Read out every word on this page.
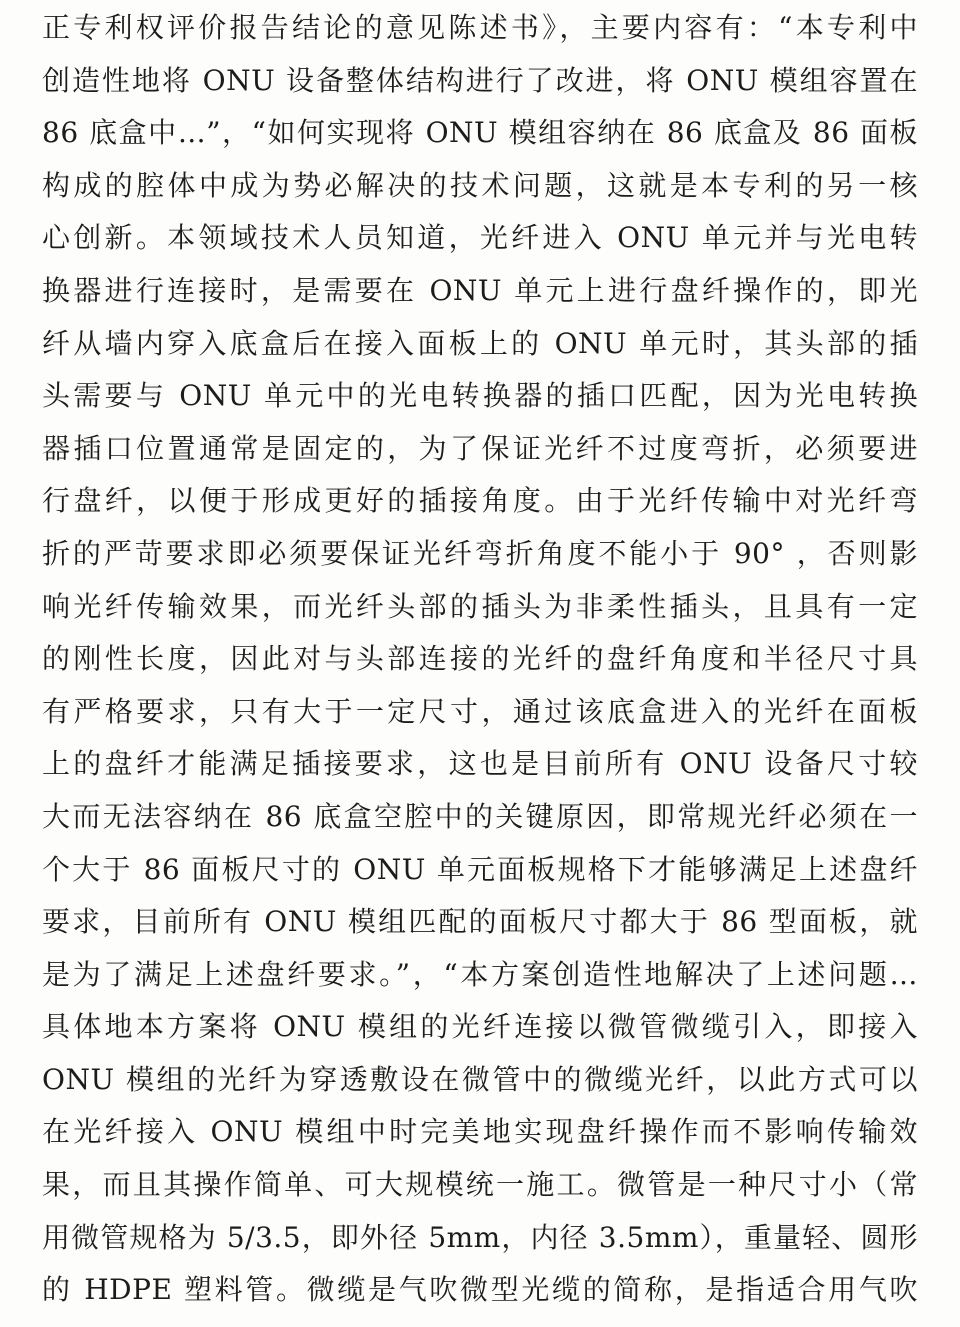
正专利权评价报告结论的意见陈述书》，主要内容有：“本专利中
创造性地将 ONU 设备整体结构进行了改进，将 ONU 模组容置在
86 底盒中…”，“如何实现将 ONU 模组容纳在 86 底盒及 86 面板
构成的腔体中成为势必解决的技术问题，这就是本专利的另一核
心创新。本领域技术人员知道，光纤进入 ONU 单元并与光电转
换器进行连接时，是需要在 ONU 单元上进行盘纤操作的，即光
纤从墙内穿入底盒后在接入面板上的 ONU 单元时，其头部的插
头需要与 ONU 单元中的光电转换器的插口匹配，因为光电转换
器插口位置通常是固定的，为了保证光纤不过度弯折，必须要进
行盘纤，以便于形成更好的插接角度。由于光纤传输中对光纤弯
折的严苛要求即必须要保证光纤弯折角度不能小于 90° ，否则影
响光纤传输效果，而光纤头部的插头为非柔性插头，且具有一定
的刚性长度，因此对与头部连接的光纤的盘纤角度和半径尺寸具
有严格要求，只有大于一定尺寸，通过该底盒进入的光纤在面板
上的盘纤才能满足插接要求，这也是目前所有 ONU 设备尺寸较
大而无法容纳在 86 底盒空腔中的关键原因，即常规光纤必须在一
个大于 86 面板尺寸的 ONU 单元面板规格下才能够满足上述盘纤
要求，目前所有 ONU 模组匹配的面板尺寸都大于 86 型面板，就
是为了满足上述盘纤要求。”，“本方案创造性地解决了上述问题…
具体地本方案将 ONU 模组的光纤连接以微管微缆引入，即接入
ONU 模组的光纤为穿透敷设在微管中的微缆光纤，以此方式可以
在光纤接入 ONU 模组中时完美地实现盘纤操作而不影响传输效
果，而且其操作简单、可大规模统一施工。微管是一种尺寸小（常
用微管规格为 5/3.5，即外径 5mm，内径 3.5mm），重量轻、圆形
的 HDPE 塑料管。微缆是气吹微型光缆的简称，是指适合用气吹
